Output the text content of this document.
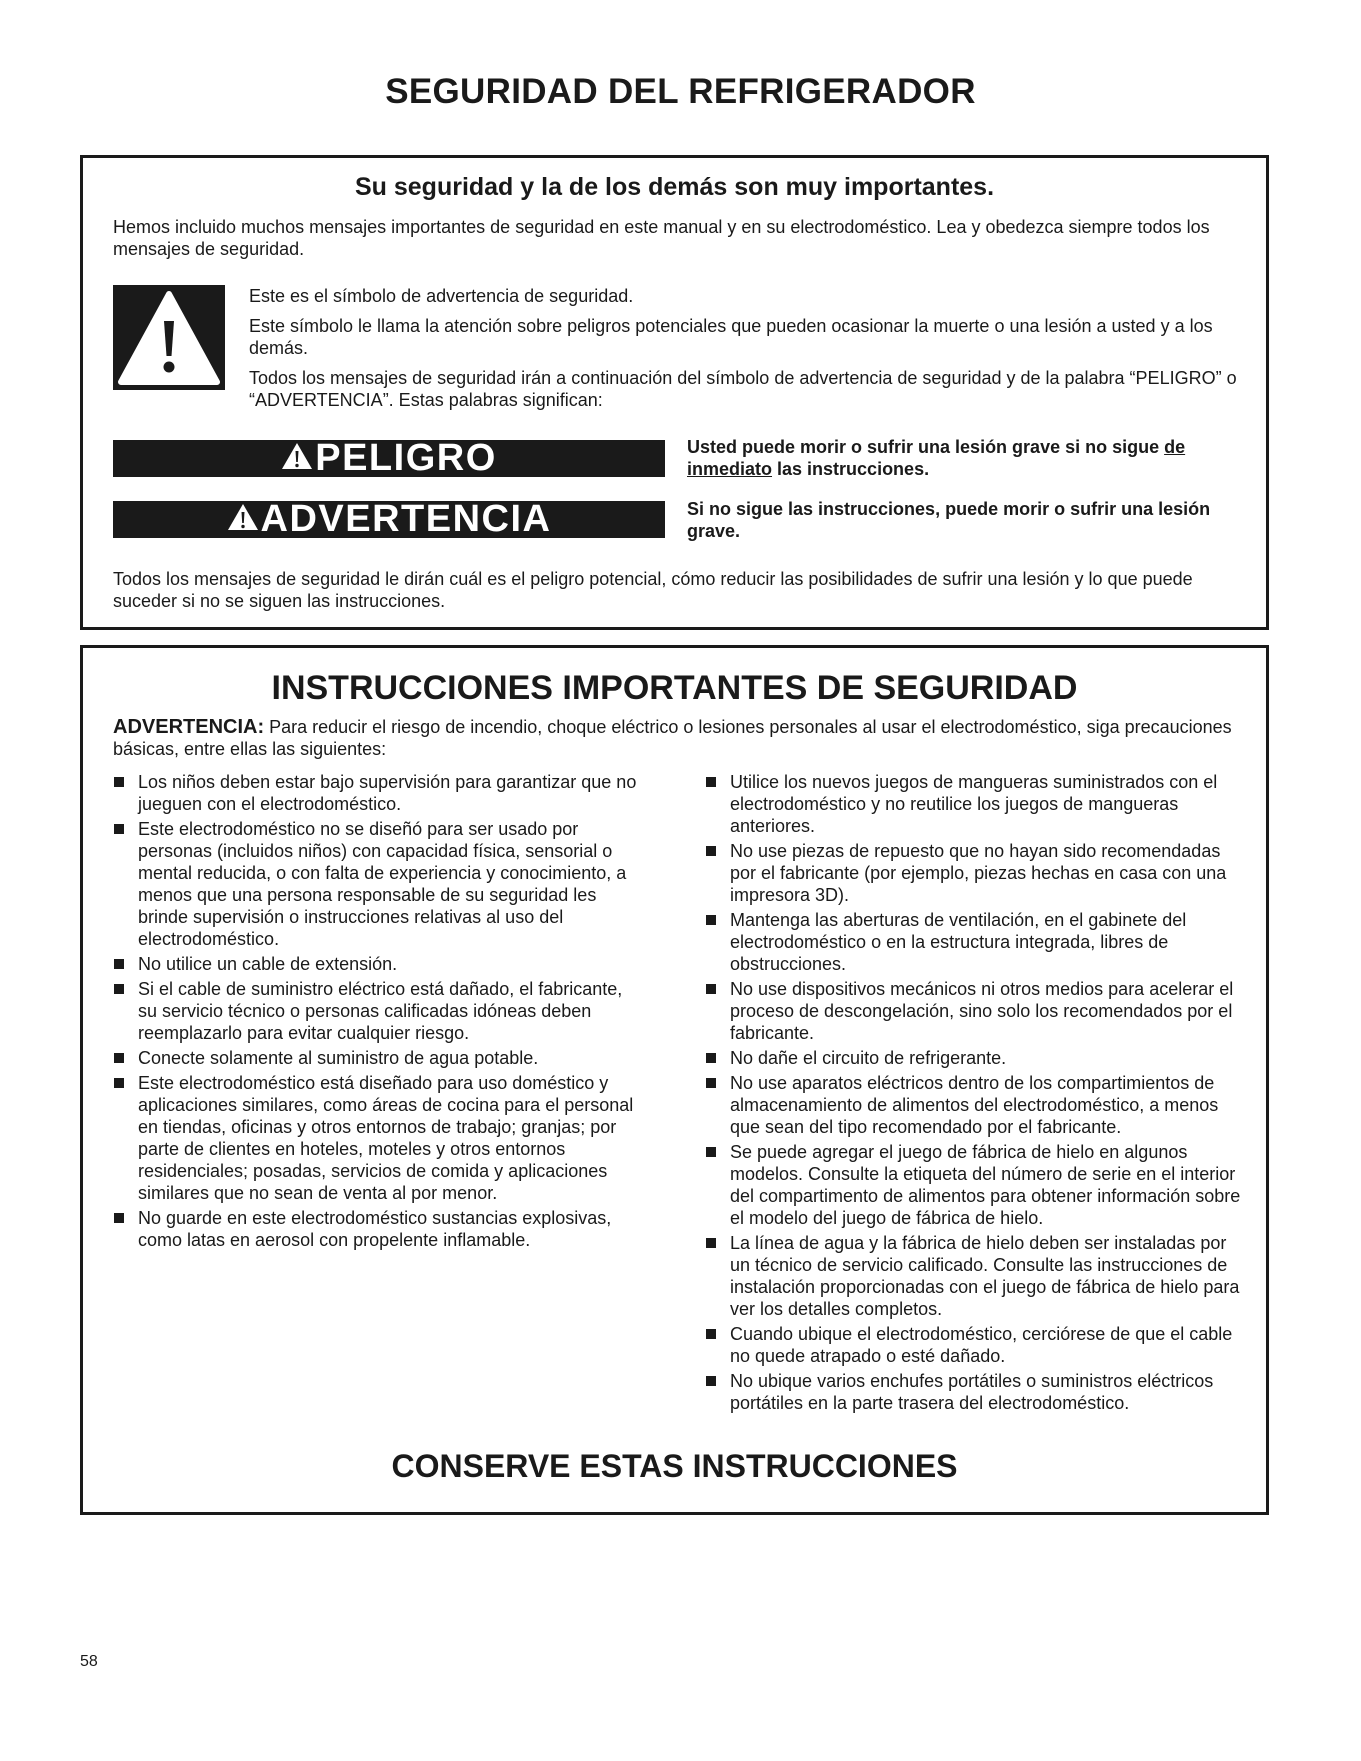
SEGURIDAD DEL REFRIGERADOR
Su seguridad y la de los demás son muy importantes.
Hemos incluido muchos mensajes importantes de seguridad en este manual y en su electrodoméstico. Lea y obedezca siempre todos los mensajes de seguridad.
Este es el símbolo de advertencia de seguridad.
Este símbolo le llama la atención sobre peligros potenciales que pueden ocasionar la muerte o una lesión a usted y a los demás.
Todos los mensajes de seguridad irán a continuación del símbolo de advertencia de seguridad y de la palabra “PELIGRO” o “ADVERTENCIA”. Estas palabras significan:
PELIGRO	Usted puede morir o sufrir una lesión grave si no sigue de inmediato las instrucciones.
ADVERTENCIA	Si no sigue las instrucciones, puede morir o sufrir una lesión grave.
Todos los mensajes de seguridad le dirán cuál es el peligro potencial, cómo reducir las posibilidades de sufrir una lesión y lo que puede suceder si no se siguen las instrucciones.
INSTRUCCIONES IMPORTANTES DE SEGURIDAD
ADVERTENCIA: Para reducir el riesgo de incendio, choque eléctrico o lesiones personales al usar el electrodoméstico, siga precauciones básicas, entre ellas las siguientes:
Los niños deben estar bajo supervisión para garantizar que no jueguen con el electrodoméstico.
Este electrodoméstico no se diseñó para ser usado por personas (incluidos niños) con capacidad física, sensorial o mental reducida, o con falta de experiencia y conocimiento, a menos que una persona responsable de su seguridad les brinde supervisión o instrucciones relativas al uso del electrodoméstico.
No utilice un cable de extensión.
Si el cable de suministro eléctrico está dañado, el fabricante, su servicio técnico o personas calificadas idóneas deben reemplazarlo para evitar cualquier riesgo.
Conecte solamente al suministro de agua potable.
Este electrodoméstico está diseñado para uso doméstico y aplicaciones similares, como áreas de cocina para el personal en tiendas, oficinas y otros entornos de trabajo; granjas; por parte de clientes en hoteles, moteles y otros entornos residenciales; posadas, servicios de comida y aplicaciones similares que no sean de venta al por menor.
No guarde en este electrodoméstico sustancias explosivas, como latas en aerosol con propelente inflamable.
Utilice los nuevos juegos de mangueras suministrados con el electrodoméstico y no reutilice los juegos de mangueras anteriores.
No use piezas de repuesto que no hayan sido recomendadas por el fabricante (por ejemplo, piezas hechas en casa con una impresora 3D).
Mantenga las aberturas de ventilación, en el gabinete del electrodoméstico o en la estructura integrada, libres de obstrucciones.
No use dispositivos mecánicos ni otros medios para acelerar el proceso de descongelación, sino solo los recomendados por el fabricante.
No dañe el circuito de refrigerante.
No use aparatos eléctricos dentro de los compartimientos de almacenamiento de alimentos del electrodoméstico, a menos que sean del tipo recomendado por el fabricante.
Se puede agregar el juego de fábrica de hielo en algunos modelos. Consulte la etiqueta del número de serie en el interior del compartimento de alimentos para obtener información sobre el modelo del juego de fábrica de hielo.
La línea de agua y la fábrica de hielo deben ser instaladas por un técnico de servicio calificado. Consulte las instrucciones de instalación proporcionadas con el juego de fábrica de hielo para ver los detalles completos.
Cuando ubique el electrodoméstico, cerciórese de que el cable no quede atrapado o esté dañado.
No ubique varios enchufes portátiles o suministros eléctricos portátiles en la parte trasera del electrodoméstico.
CONSERVE ESTAS INSTRUCCIONES
58
